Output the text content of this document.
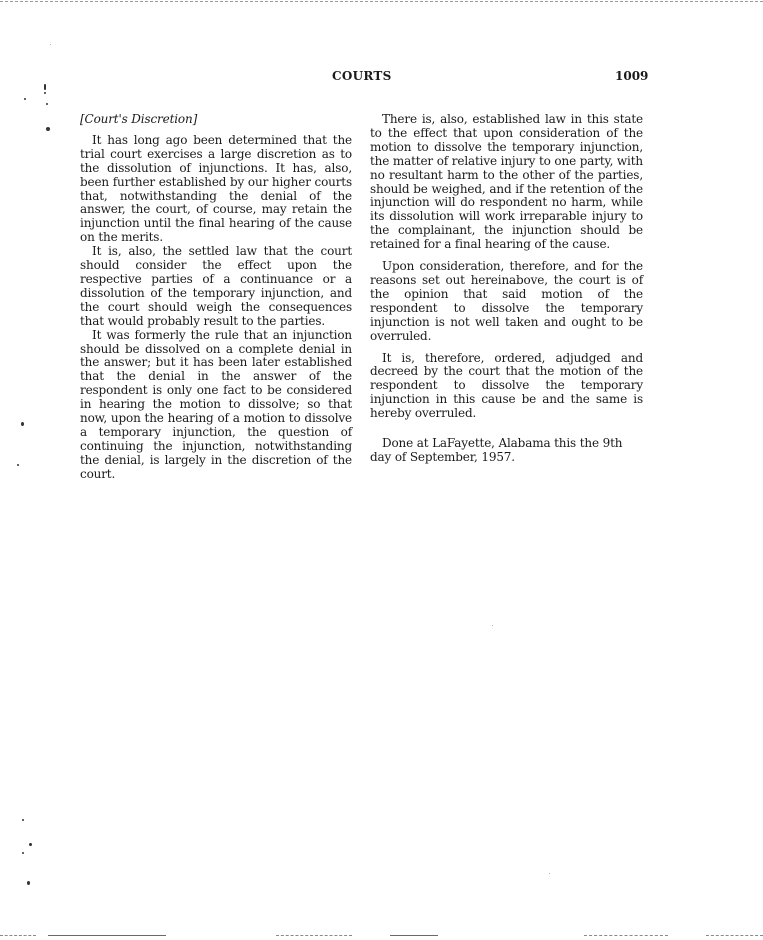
COURTS	1009

[Court's Discretion]

It has long ago been determined that the trial court exercises a large discretion as to the dissolution of injunctions. It has, also, been further established by our higher courts that, notwithstanding the denial of the answer, the court, of course, may retain the injunction until the final hearing of the cause on the merits.

It is, also, the settled law that the court should consider the effect upon the respective parties of a continuance or a dissolution of the temporary injunction, and the court should weigh the consequences that would probably result to the parties.

It was formerly the rule that an injunction should be dissolved on a complete denial in the answer; but it has been later established that the denial in the answer of the respondent is only one fact to be considered in hearing the motion to dissolve; so that now, upon the hearing of a motion to dissolve a temporary injunction, the question of continuing the injunction, notwithstanding the denial, is largely in the discretion of the court.

There is, also, established law in this state to the effect that upon consideration of the motion to dissolve the temporary injunction, the matter of relative injury to one party, with no resultant harm to the other of the parties, should be weighed, and if the retention of the injunction will do respondent no harm, while its dissolution will work irreparable injury to the complainant, the injunction should be retained for a final hearing of the cause.

Upon consideration, therefore, and for the reasons set out hereinabove, the court is of the opinion that said motion of the respondent to dissolve the temporary injunction is not well taken and ought to be overruled.

It is, therefore, ordered, adjudged and decreed by the court that the motion of the respondent to dissolve the temporary injunction in this cause be and the same is hereby overruled.

Done at LaFayette, Alabama this the 9th day of September, 1957.
